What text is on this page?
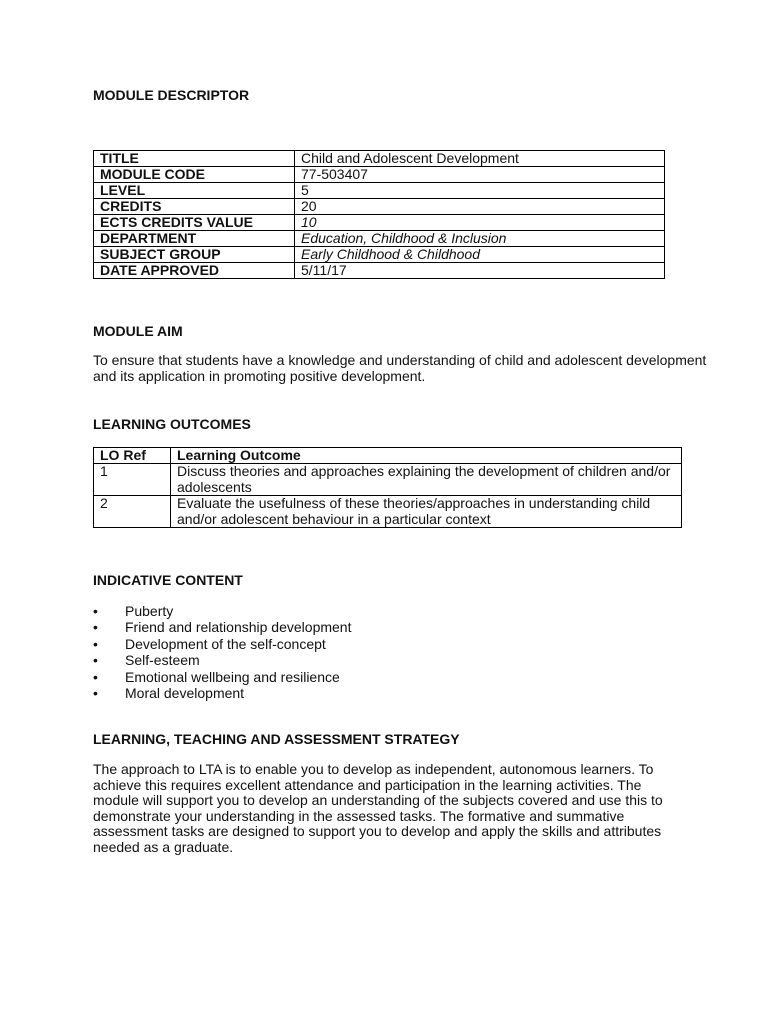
MODULE DESCRIPTOR
TITLE	Child and Adolescent Development
MODULE CODE	77-503407
LEVEL	5
CREDITS	20
ECTS CREDITS VALUE	10
DEPARTMENT	Education, Childhood & Inclusion
SUBJECT GROUP	Early Childhood & Childhood
DATE APPROVED	5/11/17
MODULE AIM

To ensure that students have a knowledge and understanding of child and adolescent development and its application in promoting positive development.

LEARNING OUTCOMES
LO Ref	Learning Outcome
1	Discuss theories and approaches explaining the development of children and/or adolescents
2	Evaluate the usefulness of these theories/approaches in understanding child and/or adolescent behaviour in a particular context
INDICATIVE CONTENT
• Puberty
• Friend and relationship development
• Development of the self-concept
• Self-esteem
• Emotional wellbeing and resilience
• Moral development
LEARNING, TEACHING AND ASSESSMENT STRATEGY

The approach to LTA is to enable you to develop as independent, autonomous learners. To achieve this requires excellent attendance and participation in the learning activities. The module will support you to develop an understanding of the subjects covered and use this to demonstrate your understanding in the assessed tasks. The formative and summative assessment tasks are designed to support you to develop and apply the skills and attributes needed as a graduate.
